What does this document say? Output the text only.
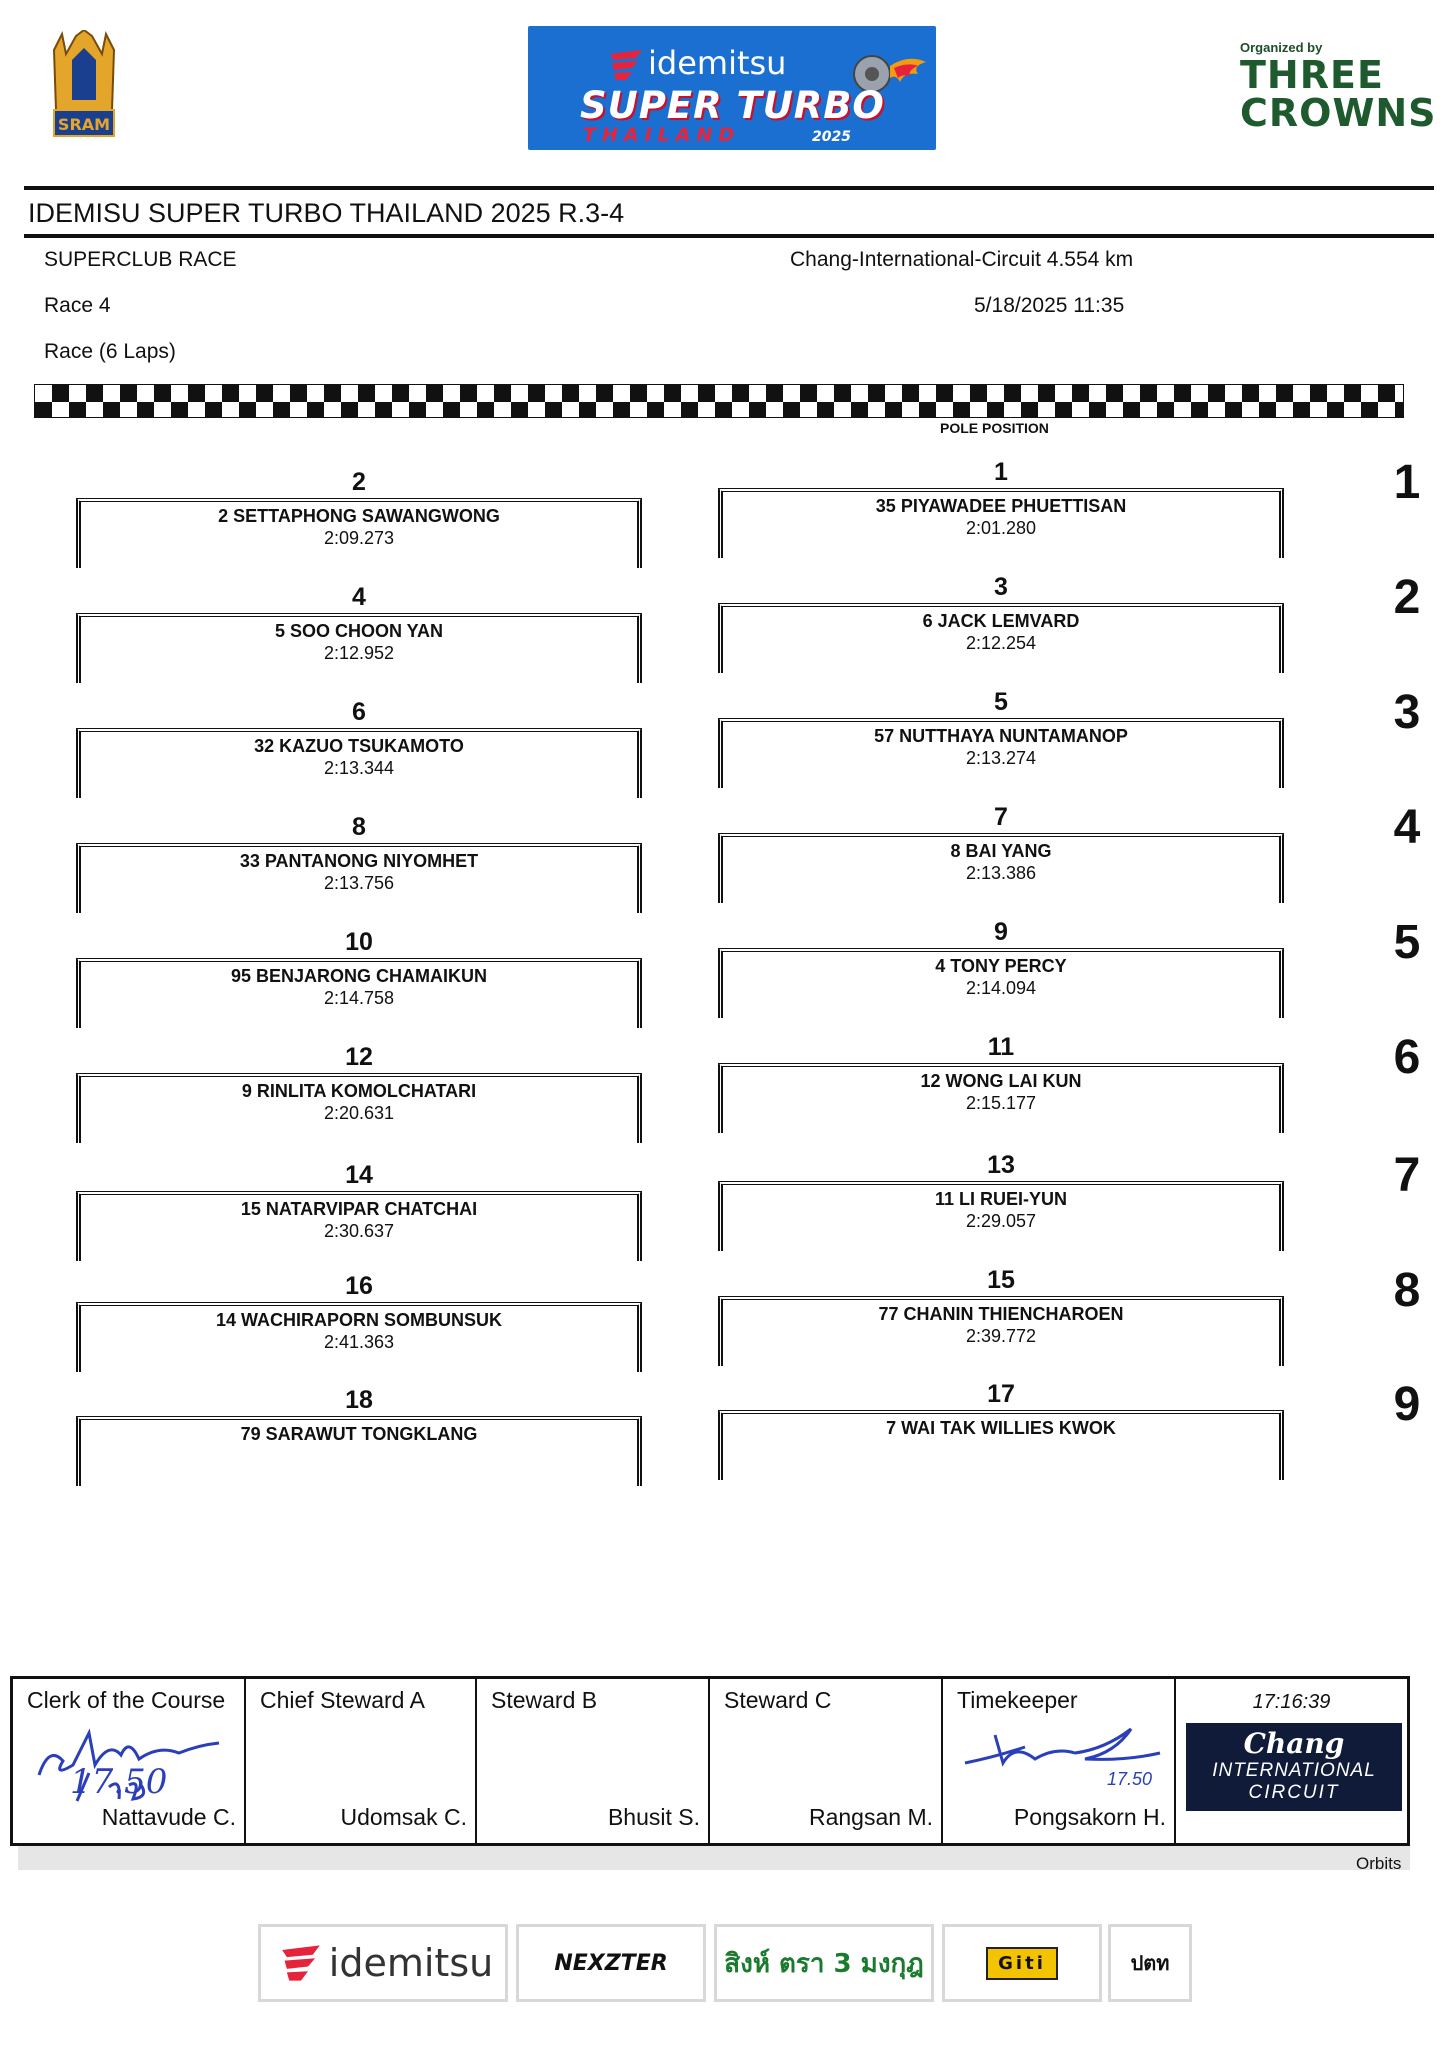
SRAM
idemitsu
SUPER TURBO
THAILAND	2025
Organized by
THREE
CROWNS
IDEMISU SUPER TURBO THAILAND 2025 R.3-4
SUPERCLUB RACE	Chang-International-Circuit 4.554 km
Race 4	5/18/2025 11:35
Race (6 Laps)
POLE POSITION
1
35 PIYAWADEE PHUETTISAN
2:01.280
3
6 JACK LEMVARD
2:12.254
5
57 NUTTHAYA NUNTAMANOP
2:13.274
7
8 BAI YANG
2:13.386
9
4 TONY PERCY
2:14.094
11
12 WONG LAI KUN
2:15.177
13
11 LI RUEI-YUN
2:29.057
15
77 CHANIN THIENCHAROEN
2:39.772
17
7 WAI TAK WILLIES KWOK
2
2 SETTAPHONG SAWANGWONG
2:09.273
4
5 SOO CHOON YAN
2:12.952
6
32 KAZUO TSUKAMOTO
2:13.344
8
33 PANTANONG NIYOMHET
2:13.756
10
95 BENJARONG CHAMAIKUN
2:14.758
12
9 RINLITA KOMOLCHATARI
2:20.631
14
15 NATARVIPAR CHATCHAI
2:30.637
16
14 WACHIRAPORN SOMBUNSUK
2:41.363
18
79 SARAWUT TONGKLANG
1
2
3
4
5
6
7
8
9
Clerk of the Course
Nattavude C.
Chief Steward A
Udomsak C.
Steward B
Bhusit S.
Steward C
Rangsan M.
Timekeeper
17.50
Pongsakorn H.
17:16:39
Chang
INTERNATIONAL
CIRCUIT
17.50
Orbits
idemitsu	NEXZTER สิงห์ ตรา 3 มงกุฎ	Giti	ปตท
